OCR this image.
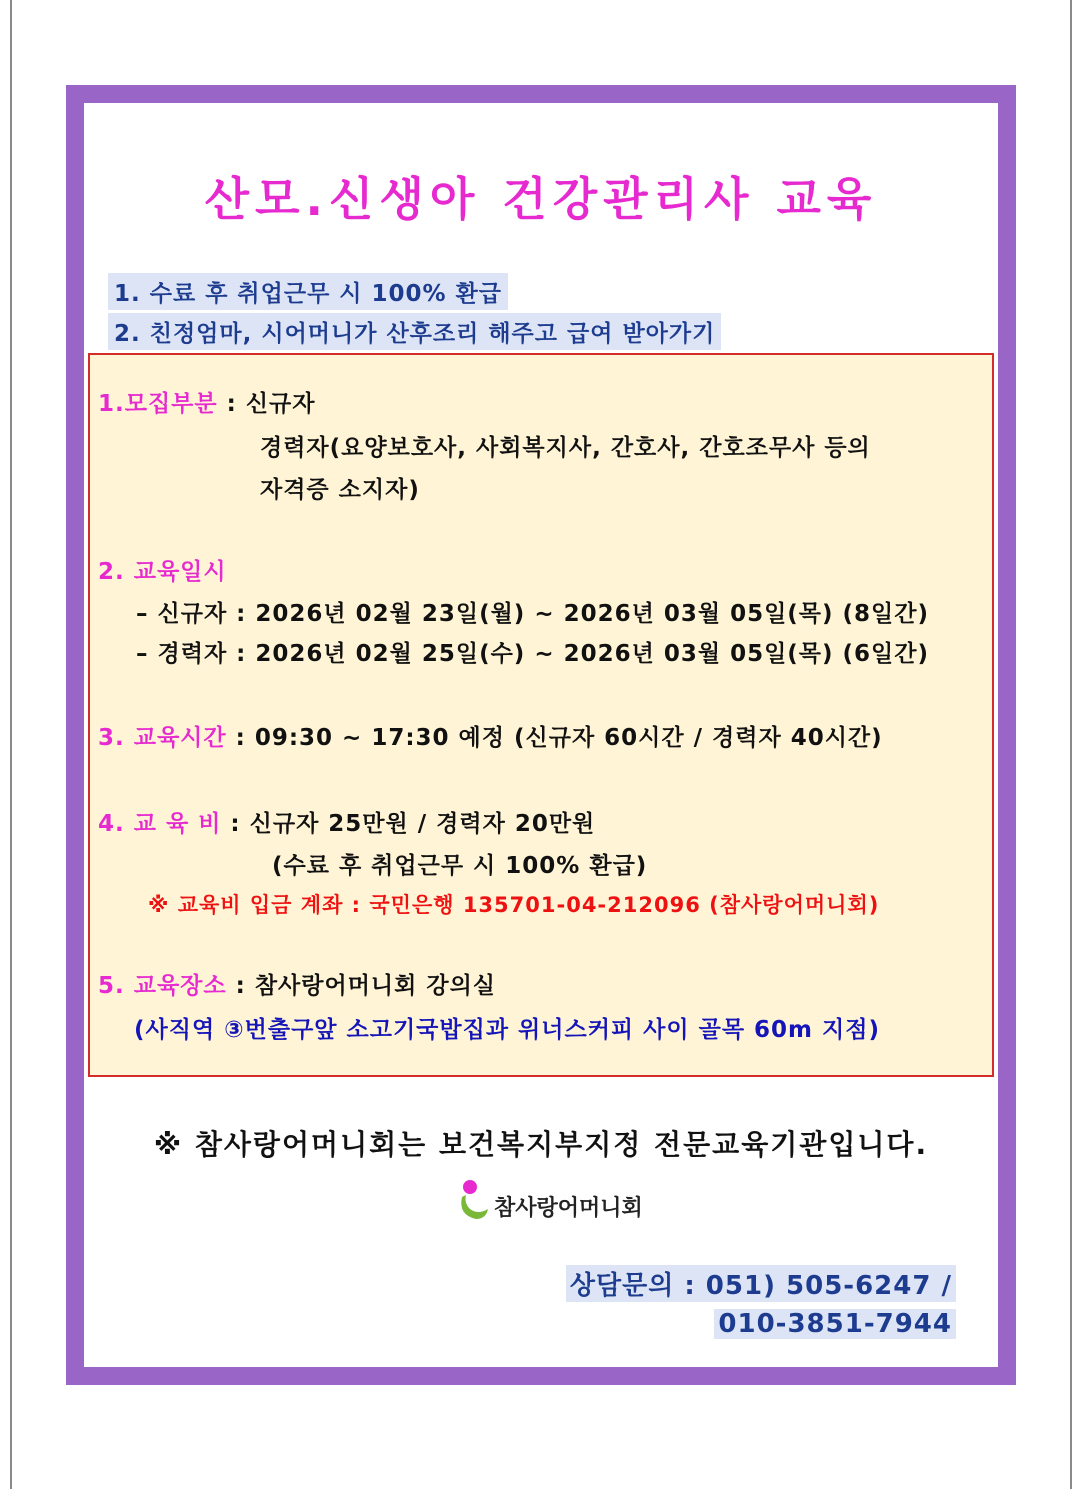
산모.신생아 건강관리사 교육
1. 수료 후 취업근무 시 100% 환급
2. 친정엄마, 시어머니가 산후조리 해주고 급여 받아가기
1.모집부분 : 신규자
경력자(요양보호사, 사회복지사, 간호사, 간호조무사 등의
자격증 소지자)
2. 교육일시
– 신규자 : 2026년 02월 23일(월) ~ 2026년 03월 05일(목) (8일간)
– 경력자 : 2026년 02월 25일(수) ~ 2026년 03월 05일(목) (6일간)
3. 교육시간 : 09:30 ~ 17:30 예정 (신규자 60시간 / 경력자 40시간)
4. 교 육 비 : 신규자 25만원 / 경력자 20만원
(수료 후 취업근무 시 100% 환급)
※ 교육비 입금 계좌 : 국민은행 135701-04-212096 (참사랑어머니회)
5. 교육장소 : 참사랑어머니회 강의실
(사직역 ③번출구앞 소고기국밥집과 위너스커피 사이 골목 60m 지점)
※ 참사랑어머니회는 보건복지부지정 전문교육기관입니다.
참사랑어머니회
상담문의 : 051) 505-6247 /
010-3851-7944
